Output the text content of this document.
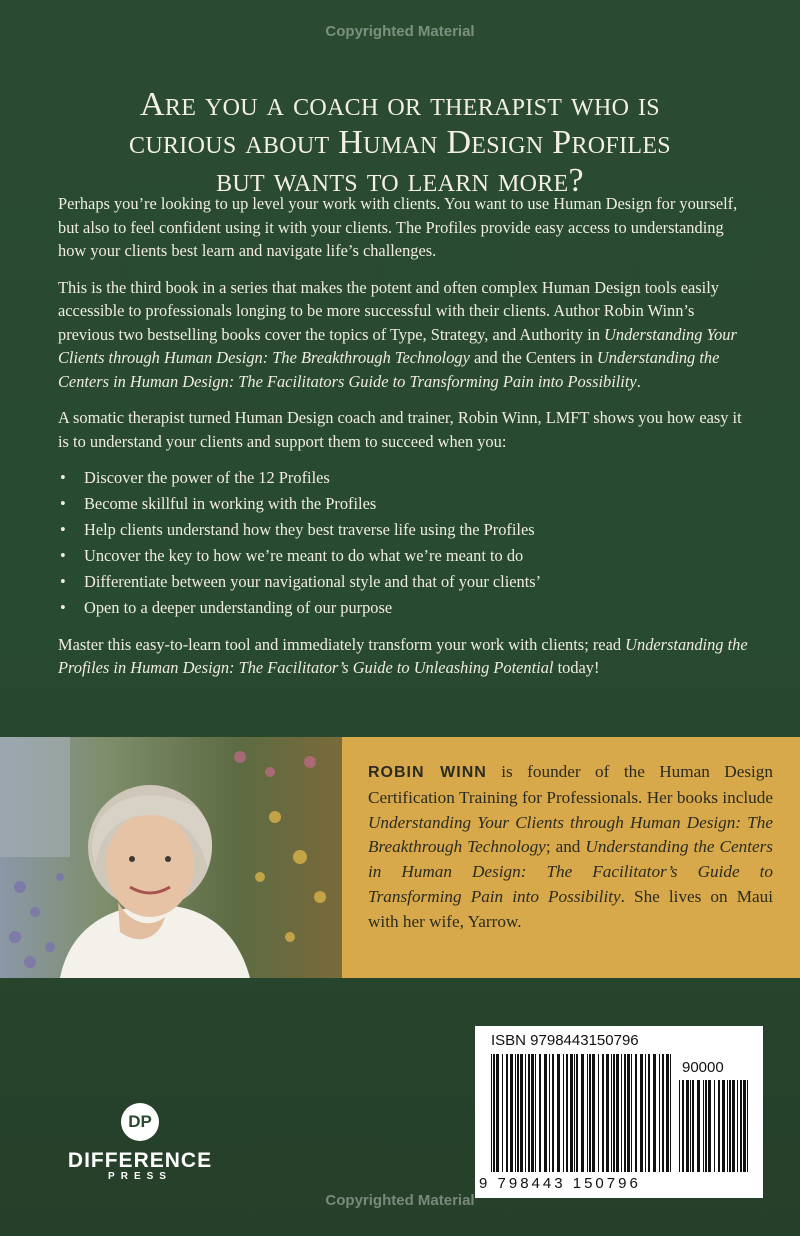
Copyrighted Material
Are you a coach or therapist who is
curious about Human Design Profiles
but wants to learn more?

Perhaps you’re looking to up level your work with clients. You want to use Human Design for yourself, but also to feel confident using it with your clients. The Profiles provide easy access to understanding how your clients best learn and navigate life’s challenges.

This is the third book in a series that makes the potent and often complex Human Design tools easily accessible to professionals longing to be more successful with their clients. Author Robin Winn’s previous two bestselling books cover the topics of Type, Strategy, and Authority in Understanding Your Clients through Human Design: The Breakthrough Technology and the Centers in Understanding the Centers in Human Design: The Facilitators Guide to Transforming Pain into Possibility.

A somatic therapist turned Human Design coach and trainer, Robin Winn, LMFT shows you how easy it is to understand your clients and support them to succeed when you:

• Discover the power of the 12 Profiles
• Become skillful in working with the Profiles
• Help clients understand how they best traverse life using the Profiles
• Uncover the key to how we’re meant to do what we’re meant to do
• Differentiate between your navigational style and that of your clients’
• Open to a deeper understanding of our purpose

Master this easy-to-learn tool and immediately transform your work with clients; read Understanding the Profiles in Human Design: The Facilitator’s Guide to Unleashing Potential today!

ROBIN WINN is founder of the Human Design Certification Training for Professionals. Her books include Understanding Your Clients through Human Design: The Breakthrough Technology; and Understanding the Centers in Human Design: The Facilitator’s Guide to Transforming Pain into Possibility. She lives on Maui with her wife, Yarrow.
DP
DIFFERENCE
PRESS
ISBN 9798443150796
90000
9 798443 150796
Copyrighted Material
